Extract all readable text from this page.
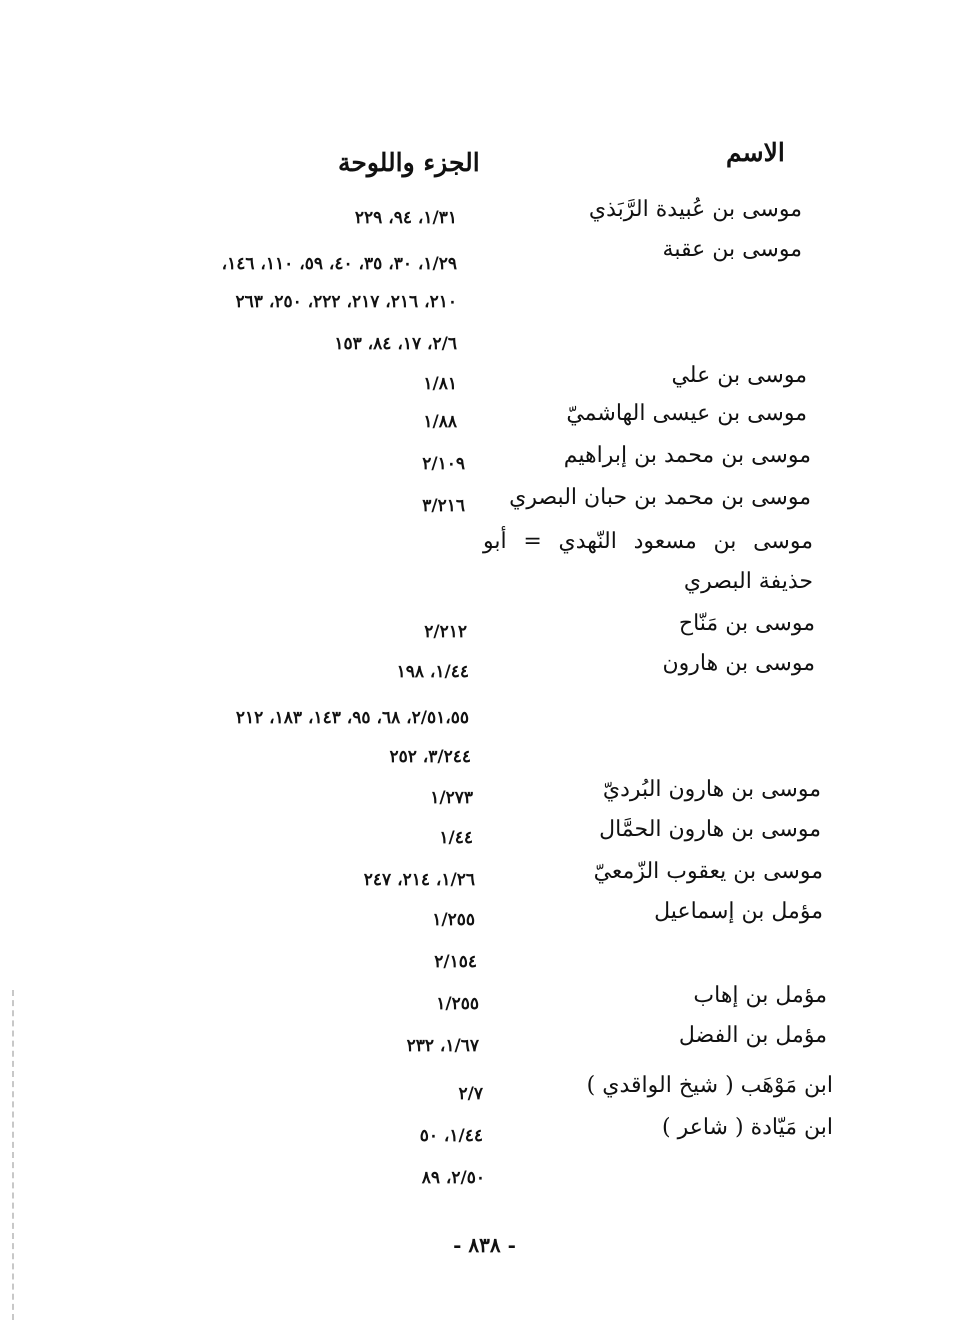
الاسم
الجزء واللوحة
موسى بن عُبيدة الرَّبَذي
١/٣١، ٩٤، ٢٢٩
موسى بن عقبة
١/٢٩، ٣٠، ٣٥، ٤٠، ٥٩، ١١٠، ١٤٦،
٢١٠، ٢١٦، ٢١٧، ٢٢٢، ٢٥٠، ٢٦٣
٢/٦، ١٧، ٨٤، ١٥٣
موسى بن علي
١/٨١
موسى بن عيسى الهاشميّ
١/٨٨
موسى بن محمد بن إبراهيم
٢/١٠٩
موسى بن محمد بن حبان البصري
٣/٢١٦
موسى بن مسعود النّهدي = أبو حذيفة البصري
موسى بن مَنّاح
٢/٢١٢
موسى بن هارون
١/٤٤، ١٩٨
٢/٥١،٥٥، ٦٨، ٩٥، ١٤٣، ١٨٣، ٢١٢
٣/٢٤٤، ٢٥٢
موسى بن هارون البُرديّ
١/٢٧٣
موسى بن هارون الحمَّال
١/٤٤
موسى بن يعقوب الزّمعيّ
١/٢٦، ٢١٤، ٢٤٧
مؤمل بن إسماعيل
١/٢٥٥
٢/١٥٤
مؤمل بن إهاب
١/٢٥٥
مؤمل بن الفضل
١/٦٧، ٢٣٢
ابن مَوْهَب ( شيخ الواقدي )
٢/٧
ابن مَيّادة ( شاعر )
١/٤٤، ٥٠
٢/٥٠، ٨٩
- ٨٣٨ -
